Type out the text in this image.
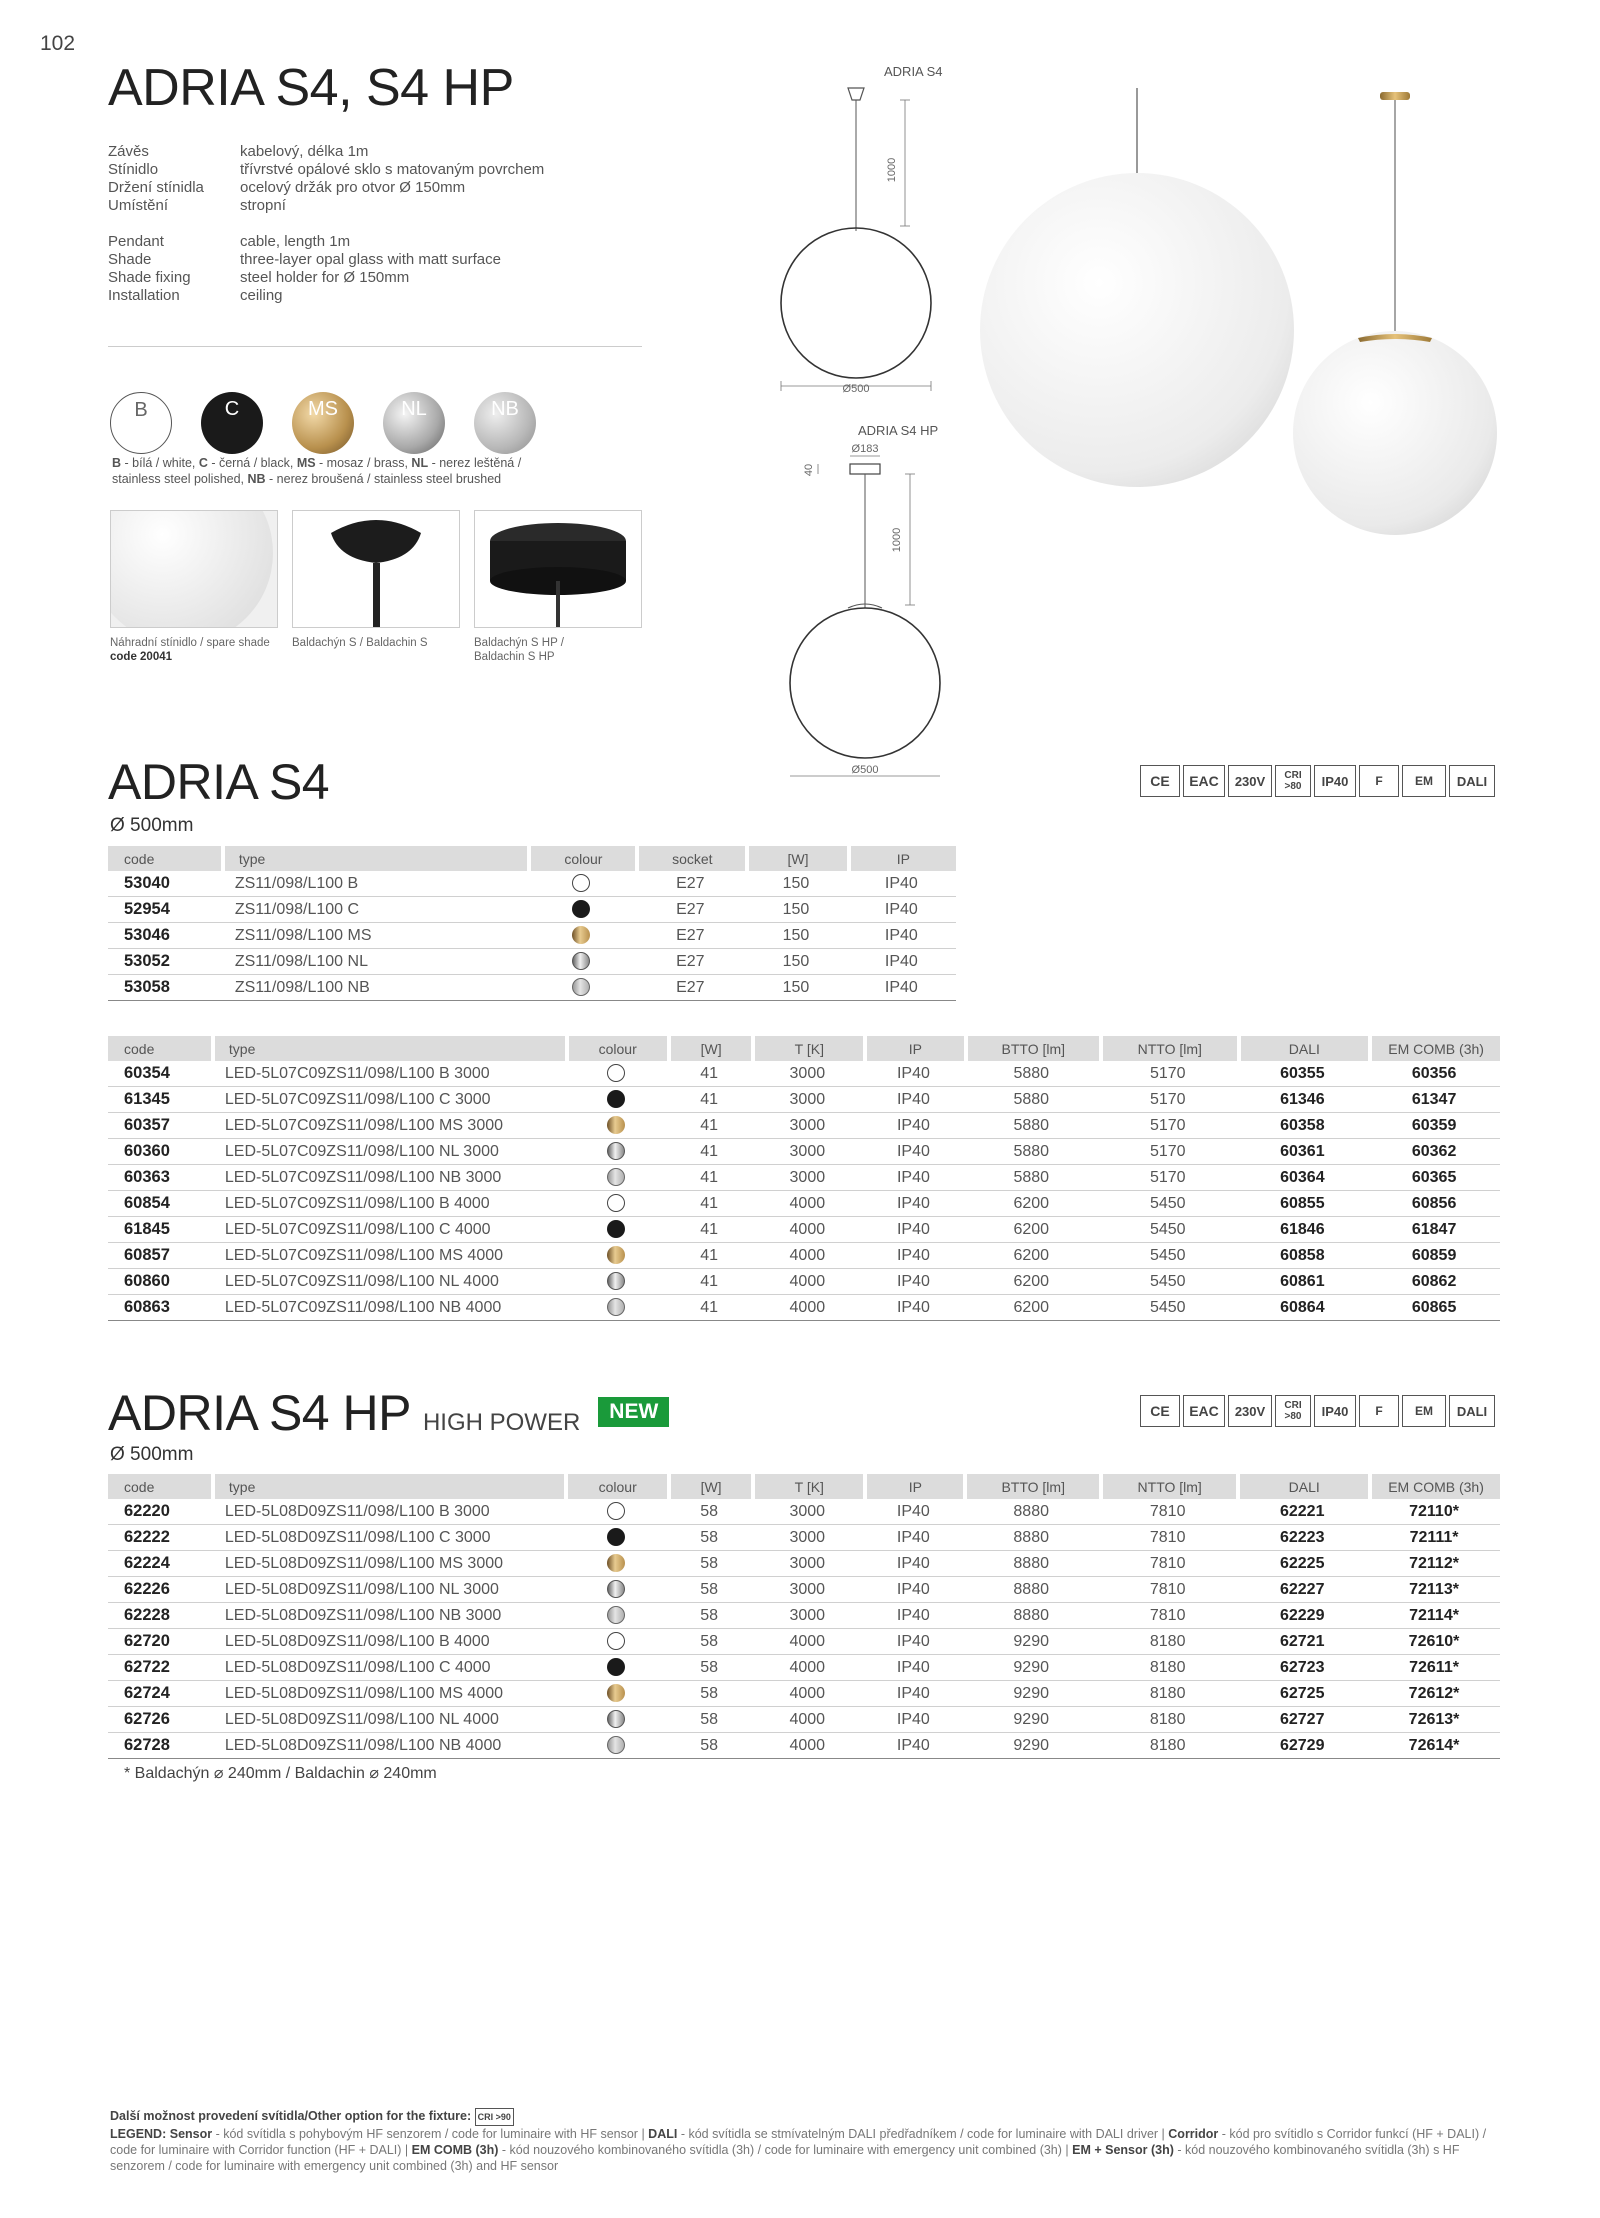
102
ADRIA S4, S4 HP
Závěs	kabelový, délka 1m
Stínidlo	třívrstvé opálové sklo s matovaným povrchem
Držení stínidla	ocelový držák pro otvor Ø 150mm
Umístění	stropní
Pendant	cable, length 1m
Shade	three-layer opal glass with matt surface
Shade fixing	steel holder for Ø 150mm
Installation	ceiling
B	C	MS	NL	NB
B - bílá / white, C - černá / black, MS - mosaz / brass, NL - nerez leštěná /
stainless steel polished, NB - nerez broušená / stainless steel brushed
Náhradní stínidlo / spare shade
code 20041
Baldachýn S / Baldachin S	Baldachýn S HP /
Baldachin S HP
ADRIA S4
1000
Ø500
ADRIA S4 HP
Ø183
40
1000
Ø500
ADRIA S4
Ø 500mm
CE	EAC	230V	CRI >80	IP40	F	EM	DALI
code	type	colour	socket	[W]	IP
53040	ZS11/098/L100 B		E27	150	IP40
52954	ZS11/098/L100 C		E27	150	IP40
53046	ZS11/098/L100 MS		E27	150	IP40
53052	ZS11/098/L100 NL		E27	150	IP40
53058	ZS11/098/L100 NB		E27	150	IP40
code	type	colour	[W]	T [K]	IP	BTTO [lm]	NTTO [lm]	DALI	EM COMB (3h)
60354	LED-5L07C09ZS11/098/L100 B 3000		41	3000	IP40	5880	5170	60355	60356
61345	LED-5L07C09ZS11/098/L100 C 3000		41	3000	IP40	5880	5170	61346	61347
60357	LED-5L07C09ZS11/098/L100 MS 3000		41	3000	IP40	5880	5170	60358	60359
60360	LED-5L07C09ZS11/098/L100 NL 3000		41	3000	IP40	5880	5170	60361	60362
60363	LED-5L07C09ZS11/098/L100 NB 3000		41	3000	IP40	5880	5170	60364	60365
60854	LED-5L07C09ZS11/098/L100 B 4000		41	4000	IP40	6200	5450	60855	60856
61845	LED-5L07C09ZS11/098/L100 C 4000		41	4000	IP40	6200	5450	61846	61847
60857	LED-5L07C09ZS11/098/L100 MS 4000		41	4000	IP40	6200	5450	60858	60859
60860	LED-5L07C09ZS11/098/L100 NL 4000		41	4000	IP40	6200	5450	60861	60862
60863	LED-5L07C09ZS11/098/L100 NB 4000		41	4000	IP40	6200	5450	60864	60865
ADRIA S4 HP HIGH POWER	NEW
Ø 500mm
CE	EAC	230V	CRI >80	IP40	F	EM	DALI
code	type	colour	[W]	T [K]	IP	BTTO [lm]	NTTO [lm]	DALI	EM COMB (3h)
62220	LED-5L08D09ZS11/098/L100 B 3000		58	3000	IP40	8880	7810	62221	72110*
62222	LED-5L08D09ZS11/098/L100 C 3000		58	3000	IP40	8880	7810	62223	72111*
62224	LED-5L08D09ZS11/098/L100 MS 3000		58	3000	IP40	8880	7810	62225	72112*
62226	LED-5L08D09ZS11/098/L100 NL 3000		58	3000	IP40	8880	7810	62227	72113*
62228	LED-5L08D09ZS11/098/L100 NB 3000		58	3000	IP40	8880	7810	62229	72114*
62720	LED-5L08D09ZS11/098/L100 B 4000		58	4000	IP40	9290	8180	62721	72610*
62722	LED-5L08D09ZS11/098/L100 C 4000		58	4000	IP40	9290	8180	62723	72611*
62724	LED-5L08D09ZS11/098/L100 MS 4000		58	4000	IP40	9290	8180	62725	72612*
62726	LED-5L08D09ZS11/098/L100 NL 4000		58	4000	IP40	9290	8180	62727	72613*
62728	LED-5L08D09ZS11/098/L100 NB 4000		58	4000	IP40	9290	8180	62729	72614*
* Baldachýn ⌀ 240mm / Baldachin ⌀ 240mm
Další možnost provedení svítidla/Other option for the fixture: CRI >90
LEGEND: Sensor - kód svítidla s pohybovým HF senzorem / code for luminaire with HF sensor | DALI - kód svítidla se stmívatelným DALI předřadníkem / code for luminaire with DALI driver | Corridor - kód pro svítidlo s Corridor funkcí (HF + DALI) / code for luminaire with Corridor function (HF + DALI) | EM COMB (3h) - kód nouzového kombinovaného svítidla (3h) / code for luminaire with emergency unit combined (3h) | EM + Sensor (3h) - kód nouzového kombinovaného svítidla (3h) s HF senzorem / code for luminaire with emergency unit combined (3h) and HF sensor
